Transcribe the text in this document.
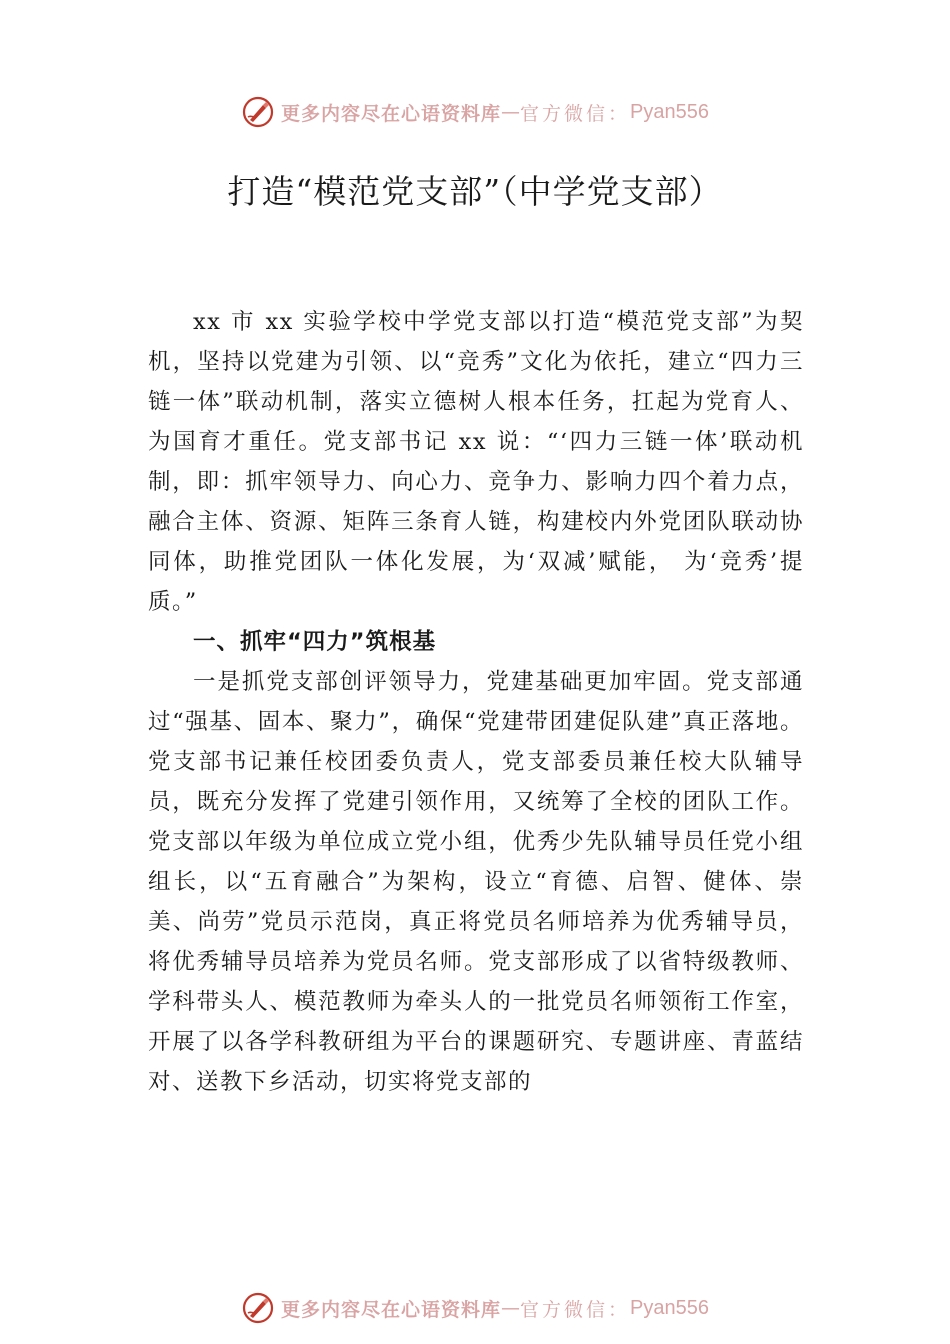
更多内容尽在心语资料库 — 官方微信： Pyan556
打造“模范党支部”（中学党支部）

xx 市 xx 实验学校中学党支部以打造“模范党支部”为契机，坚持以党建为引领、以“竞秀”文化为依托，建立“四力三链一体”联动机制，落实立德树人根本任务，扛起为党育人、为国育才重任。党支部书记 xx 说：“‘四力三链一体’联动机制，即：抓牢领导力、向心力、竞争力、影响力四个着力点，融合主体、资源、矩阵三条育人链，构建校内外党团队联动协同体，助推党团队一体化发展，为‘双减’赋能， 为‘竞秀’提质。”

一、抓牢“四力”筑根基

一是抓党支部创评领导力，党建基础更加牢固。党支部通过“强基、固本、聚力”，确保“党建带团建促队建”真正落地。党支部书记兼任校团委负责人，党支部委员兼任校大队辅导员，既充分发挥了党建引领作用，又统筹了全校的团队工作。党支部以年级为单位成立党小组，优秀少先队辅导员任党小组组长，以“五育融合”为架构，设立“育德、启智、健体、崇美、尚劳”党员示范岗，真正将党员名师培养为优秀辅导员，将优秀辅导员培养为党员名师。党支部形成了以省特级教师、学科带头人、模范教师为牵头人的一批党员名师领衔工作室，开展了以各学科教研组为平台的课题研究、专题讲座、青蓝结对、送教下乡活动，切实将党支部的

更多内容尽在心语资料库 — 官方微信： Pyan556
